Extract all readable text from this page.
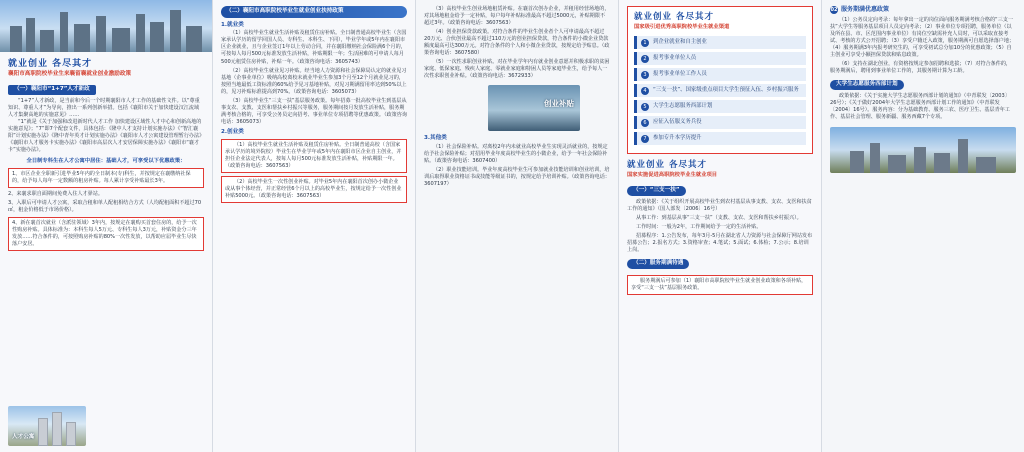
就业创业 各尽其才
襄阳市高职院校毕业生来襄留襄就业创业激励政策
（一）襄阳市“1+7”人才新政

“1+7”人才新政，是当前和今后一个时期襄阳市人才工作的基础性文件。以“尊重知识、尊重人才”为导向，推出一系列创新举措。包括《襄阳市关于加快建设汉江流域人才集聚高地的实施意见》……

“1”就是《关于加强和改进新时代人才工作 加快建设区域性人才中心和创新高地的实施意见》；“7”即7个配套文件，具体包括：《隆中人才支持计划实施办法》《“智汇襄阳”计划实施办法》《隆中青年英才计划实施办法》《襄阳市人才公寓建设管理暂行办法》《襄阳市人才服务卡实施办法》《襄阳市高层次人才安居保障实施办法》《襄阳市“襄才卡”实施办法》。

全日制专科生在人才公寓中居住：基础人才，可享受以下优惠政策：
1、市区企业全职新引进毕业5年内的全日制本(专)科生，并按规定在襄缴纳社保的，给予每人每年一定数额的租房补贴。每人累计享受补贴最长3年。
2、来襄求职自面期间免费入住人才驿站。
3、入职后可申请人才公寓，采取合租和单人配租相结合方式（人均配租面积不超过70㎡，租金价格低于市场价格）。
4、新在襄首次就业（含派驻领域）3年内，按规定在襄购买首套住房的，给予一次性购房补贴。具体标准为：本科生每人5万元、专科生每人3万元，补贴资金分三年发放……符合条件的，可按照购房补贴的80%一次性发放，以帮助应届毕业生尽快落户安居。
人才公寓
（二）襄阳市高职院校毕业生就业创业扶持政策
1.就业类

（1）高校毕业生就业生活补贴及租赁住房补贴。全日制普通高校毕业生（含国家承认学历的留学回国人员、专科生、本科生、下同），毕业学年或5年内在襄阳市区企业就业，且与企业签订1年以上劳动合同，并在襄阳缴纳社会保险满6个月的，可按每人每月500元标准发放生活补贴，补贴期限一年；生活困难的可申请人每月500元租赁住房补贴，补贴一年。（政策咨询电话：3605743）

（2）高校毕业生就业见习补贴。经当地人力资源和社会保障局认定的就业见习基地（企事业单位）吸纳高校离校未就业毕业生参加3个月至12个月就业见习的，按照当地最低工资标准的60%给予见习基地补贴，对见习期满留用率达到50%以上的，见习补贴标准提高到70%。（政策咨询电话：3605073）

（3）高校毕业生“三支一扶”基层服务政策。每年招募一批高校毕业生到基层从事支农、支教、支医和帮扶乡村振兴等服务，服务期间按月发放生活补贴，服务期满考核合格的，可享受公务员定向招考、事业单位专项招聘等优惠政策。（政策咨询电话：3605073）

2.创业类
（1）高校毕业生就业生活补贴及租赁住房补贴。全日制普通高校（含国家承认学历的境外院校）毕业生在毕业学年或5年内在襄阳市区企业自主创业，并担任企业法定代表人，按每人每月500元标准发放生活补贴，补贴期限一年。（政策咨询电话：3607563）
（2）高校毕业生一次性创业补贴。对毕业5年内在襄阳首次创办小微企业或从事个体经营，并正常经营6个月以上的高校毕业生，按规定给予一次性创业补贴5000元。（政策咨询电话：3607563）

（3）高校毕业生创业场地租赁补贴。在襄首次创办企业，并租用经营场地的，对其场地租金给予一定补贴，每户每年补贴标准最高不超过5000元，补贴期限不超过3年。（政策咨询电话：3607563）

（4）创业担保贷款政策。对符合条件的毕业生创业者个人可申请最高不超过20万元、合伙创业最高不超过110万元的创业担保贷款，符合条件的小微企业贷款额度最高可达300万元。对符合条件的个人和小微企业贷款，按规定给予贴息。（政策咨询电话：3607580）

（5）一次性求职创业补贴。对在毕业学年内有就业创业意愿并积极求职的贫困家庭、低保家庭、残疾人家庭、零就业家庭和特困人员等家庭毕业生，给予每人一次性求职创业补贴。（政策咨询电话：3672933）

创业补贴
3.其他类

（1）社会保险补贴。对离校2年内未就业高校毕业生实现灵活就业的，按规定给予社会保险补贴；对招用毕业年度高校毕业生的小微企业，给予一年社会保险补贴。（政策咨询电话：3607400）

（2）职业技能培训。毕业年度高校毕业生可参加就业技能培训和创业培训，培训后取得职业资格证书或技能等级证书的，按规定给予培训补贴。（政策咨询电话：3607197）

就业创业 各尽其才
国家级引进优秀高职院校毕业生就业渠道
1	到企业就业和自主创业
2	报考事业单位人员
3	报考事业单位工作人员
4	“三支一扶”、国家级重点项目大学生预征入伍、乡村振兴服务
5	大学生志愿服务西部计划
6	应征入伍服义务兵役
7	参加专升本学历提升
就业创业 各尽其才
国家实施促进高职院校毕业生就业项目
（一）“三支一扶”

政策依据：《关于组织开展高校毕业生到农村基层从事支教、支农、支医和扶贫工作的通知》（国人部发〔2006〕16号）

从事工作：到基层从事“三支一扶”（支教、支农、支医和帮扶乡村振兴）。

工作时间：一般为2年，工作期间给予一定的生活补贴。

招募程序：1.公告发布，每年3月-5月在湖北省人力资源与社会保障厅网站发布招募公告；2.报名方式；3.资格审查；4.笔试；5.面试；6.体检；7.公示；8.培训上岗。

（二）服务期满待遇
服务期满后可参加（1）襄阳市高职院校毕业生就业创业政策和各项补贴，享受“三支一扶”基层服务政策。
02 服务期满优惠政策

（1）公务员定向考录：每年拿出一定的岗位面向服务期满考核合格的“三支一扶”大学生等服务基层项目人员定向考录；（2）事业单位专项招聘，服务单位（以及所在县、市、区范围内事业单位）有岗位空缺需补充人员时，可以采取直接考试、考核的方式公开招聘；（3）享受户籍迁入政策，服务期满可自愿选择落户地；（4）服务期满3年内报考研究生的，可享受初试总分加10分的优惠政策；（5）自主创业可享受小额担保贷款和贴息政策。

（6）支持在湖北创业，有资格按规定参加招聘和选拔；（7）对符合条件的，服务期满后，聘用到事业单位工作的，其服务期计算为工龄。

大学生志愿服务西部计划

政策依据：《关于实施大学生志愿服务西部计划的通知》（中青联发〔2003〕26号）；《关于做好2004年大学生志愿服务西部计划工作的通知》（中青联发〔2004〕16号）。服务内容：分为基础教育、服务三农、医疗卫生、基层青年工作、基层社会管理、服务新疆、服务西藏7个专项。
